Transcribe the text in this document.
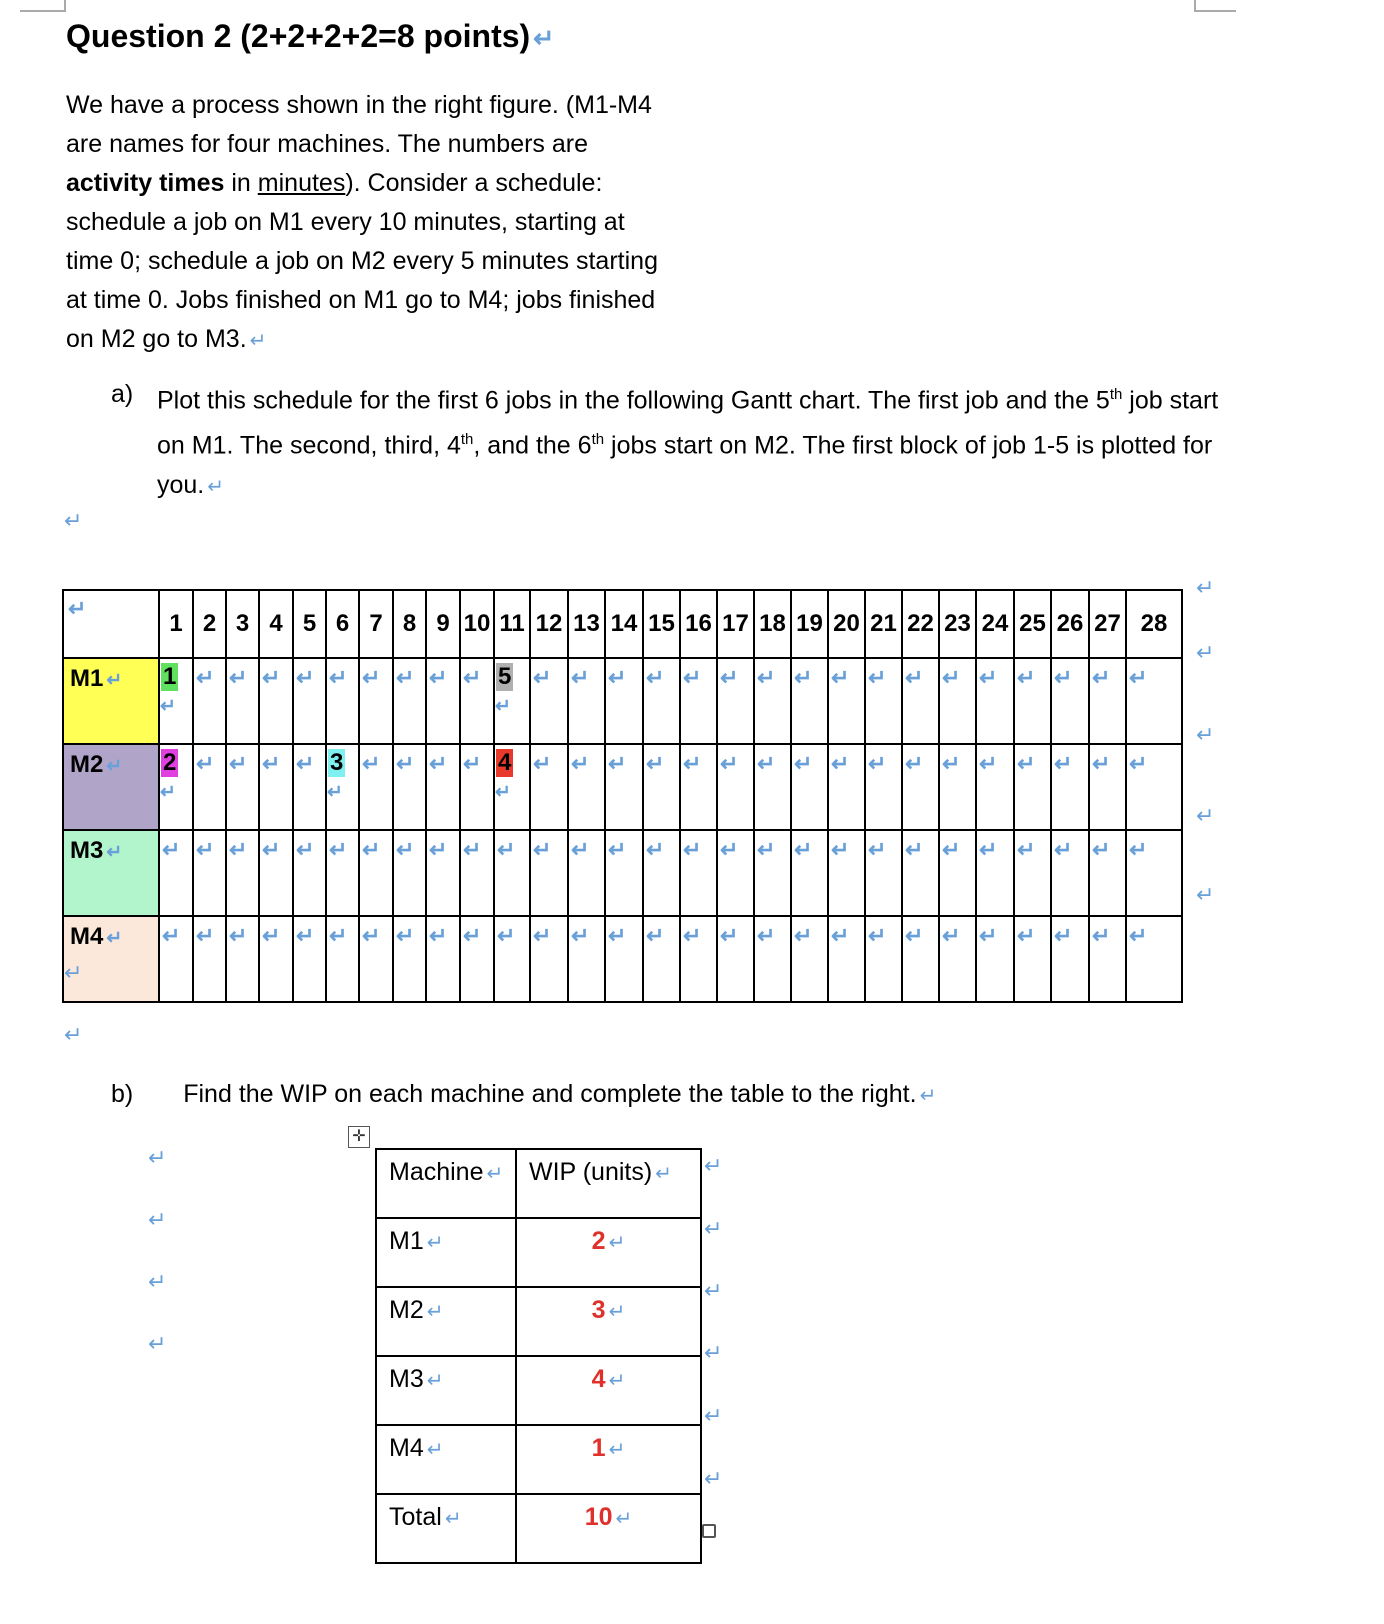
Question 2 (2+2+2+2=8 points) ↵
We have a process shown in the right figure. (M1-M4 are names for four machines. The numbers are activity times in minutes). Consider a schedule: schedule a job on M1 every 10 minutes, starting at time 0; schedule a job on M2 every 5 minutes starting at time 0. Jobs finished on M1 go to M4; jobs finished on M2 go to M3. ↵
a) Plot this schedule for the first 6 jobs in the following Gantt chart. The first job and the 5th job start on M1. The second, third, 4th, and the 6th jobs start on M2. The first block of job 1-5 is plotted for you. ↵
↵
↵	1	2	3	4	5	6	7	8	9	10	11	12	13	14	15	16	17	18	19	20	21	22	23	24	25	26	27	28
M1 ↵	1↵	↵	↵	↵	↵	↵	↵	↵	↵	↵	5↵	↵	↵	↵	↵	↵	↵	↵	↵	↵	↵	↵	↵	↵	↵	↵	↵	↵
M2 ↵	2↵	↵	↵	↵	↵	3↵	↵	↵	↵	↵	4↵	↵	↵	↵	↵	↵	↵	↵	↵	↵	↵	↵	↵	↵	↵	↵	↵	↵
M3 ↵	↵	↵	↵	↵	↵	↵	↵	↵	↵	↵	↵	↵	↵	↵	↵	↵	↵	↵	↵	↵	↵	↵	↵	↵	↵	↵	↵	↵
M4 ↵	↵	↵	↵	↵	↵	↵	↵	↵	↵	↵	↵	↵	↵	↵	↵	↵	↵	↵	↵	↵	↵	↵	↵	↵	↵	↵	↵	↵
↵
↵
b) Find the WIP on each machine and complete the table to the right. ↵
✛
↵
↵
↵
↵
Machine ↵	WIP (units) ↵
M1 ↵	2 ↵
M2 ↵	3 ↵
M3 ↵	4 ↵
M4 ↵	1 ↵
Total ↵	10 ↵
↵
↵
↵
↵
↵
↵
↵
↵
↵
↵
↵
